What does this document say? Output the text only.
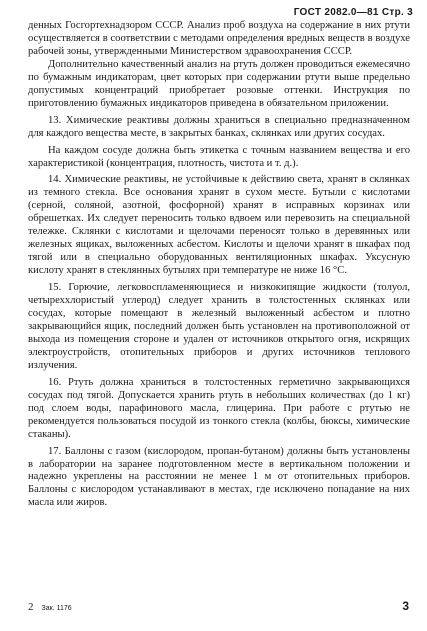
ГОСТ 2082.0—81 Стр. 3

денных Госгортехнадзором СССР. Анализ проб воздуха на содержание в них ртути осуществляется в соответствии с методами определения вредных веществ в воздухе рабочей зоны, утвержденными Министерством здравоохранения СССР.

Дополнительно качественный анализ на ртуть должен проводиться ежемесячно по бумажным индикаторам, цвет которых при содержании ртути выше предельно допустимых концентраций приобретает розовые оттенки. Инструкция по приготовлению бумажных индикаторов приведена в обязательном приложении.

13. Химические реактивы должны храниться в специально предназначенном для каждого вещества месте, в закрытых банках, склянках или других сосудах.

На каждом сосуде должна быть этикетка с точным названием вещества и его характеристикой (концентрация, плотность, чистота и т. д.).

14. Химические реактивы, не устойчивые к действию света, хранят в склянках из темного стекла. Все основания хранят в сухом месте. Бутыли с кислотами (серной, соляной, азотной, фосфорной) хранят в исправных корзинах или обрешетках. Их следует переносить только вдвоем или перевозить на специальной тележке. Склянки с кислотами и щелочами переносят только в деревянных или железных ящиках, выложенных асбестом. Кислоты и щелочи хранят в шкафах под тягой или в специально оборудованных вентиляционных шкафах. Уксусную кислоту хранят в стеклянных бутылях при температуре не ниже 16 °С.

15. Горючие, легковоспламеняющиеся и низкокипящие жидкости (толуол, четыреххлористый углерод) следует хранить в толстостенных склянках или сосудах, которые помещают в железный выложенный асбестом и плотно закрывающийся ящик, последний должен быть установлен на противоположной от выхода из помещения стороне и удален от источников открытого огня, искрящих электроустройств, отопительных приборов и других источников теплового излучения.

16. Ртуть должна храниться в толстостенных герметично закрывающихся сосудах под тягой. Допускается хранить ртуть в небольших количествах (до 1 кг) под слоем воды, парафинового масла, глицерина. При работе с ртутью не рекомендуется пользоваться посудой из тонкого стекла (колбы, бюксы, химические стаканы).

17. Баллоны с газом (кислородом, пропан-бутаном) должны быть установлены в лаборатории на заранее подготовленном месте в вертикальном положении и надежно укреплены на расстоянии не менее 1 м от отопительных приборов. Баллоны с кислородом устанавливают в местах, где исключено попадание на них масла или жиров.

2 Зак. 1176	3
